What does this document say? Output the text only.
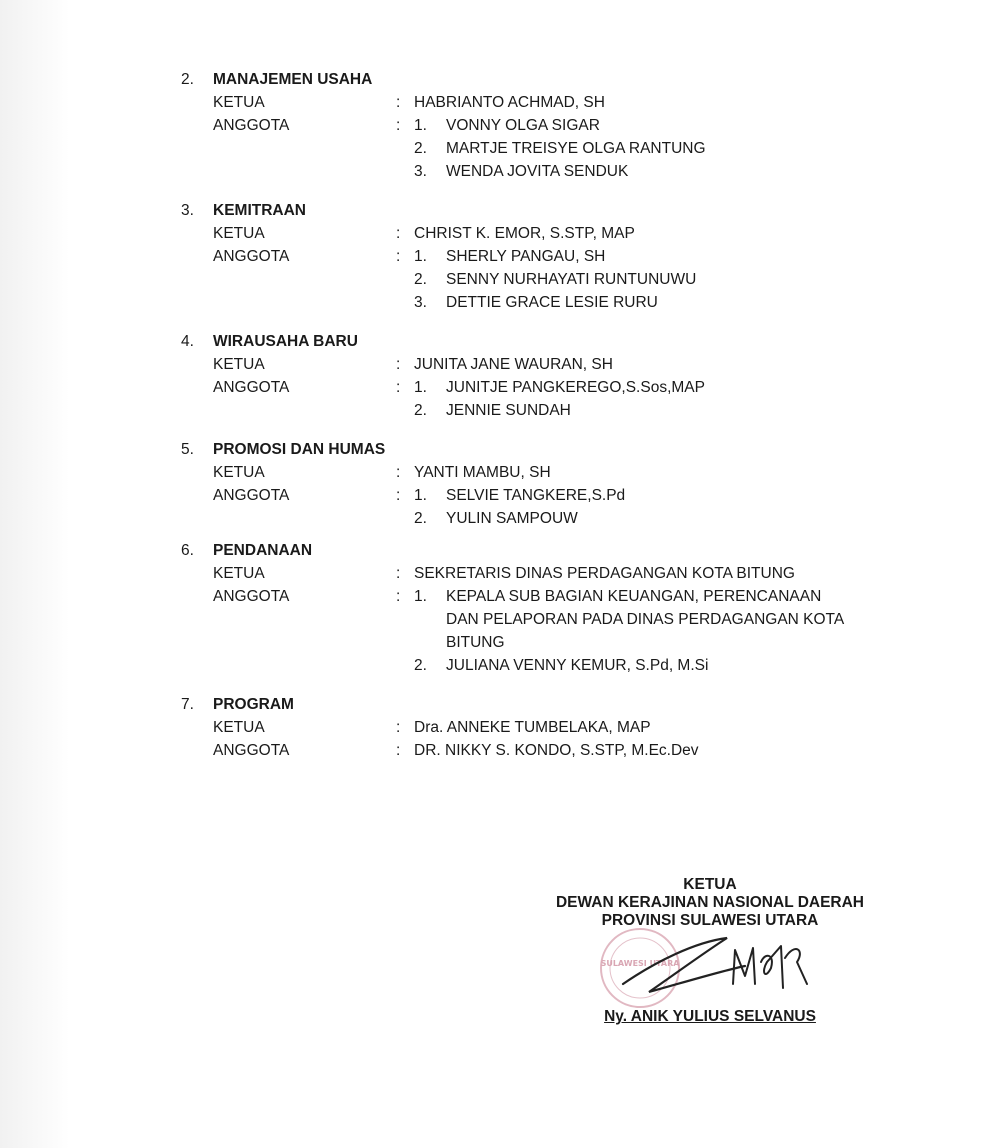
2.	MANAJEMEN USAHA
KETUA	: HABRIANTO ACHMAD, SH
ANGGOTA	: 1.	VONNY OLGA SIGAR
2.	MARTJE TREISYE OLGA RANTUNG
3.	WENDA JOVITA SENDUK
3.	KEMITRAAN
KETUA	: CHRIST K. EMOR, S.STP, MAP
ANGGOTA	: 1.	SHERLY PANGAU, SH
2.	SENNY NURHAYATI RUNTUNUWU
3.	DETTIE GRACE LESIE RURU
4.	WIRAUSAHA BARU
KETUA	: JUNITA JANE WAURAN, SH
ANGGOTA	: 1.	JUNITJE PANGKEREGO,S.Sos,MAP
2.	JENNIE SUNDAH
5.	PROMOSI DAN HUMAS
KETUA	: YANTI MAMBU, SH
ANGGOTA	: 1.	SELVIE TANGKERE,S.Pd
2.	YULIN SAMPOUW
6.	PENDANAAN
KETUA	: SEKRETARIS DINAS PERDAGANGAN KOTA BITUNG
ANGGOTA	: 1.	KEPALA SUB BAGIAN KEUANGAN, PERENCANAAN DAN PELAPORAN PADA DINAS PERDAGANGAN KOTA BITUNG
2.	JULIANA VENNY KEMUR, S.Pd, M.Si
7.	PROGRAM
KETUA	: Dra. ANNEKE TUMBELAKA, MAP
ANGGOTA	: DR. NIKKY S. KONDO, S.STP, M.Ec.Dev
KETUA
DEWAN KERAJINAN NASIONAL DAERAH
PROVINSI SULAWESI UTARA
SULAWESI UTARA
Ny. ANIK YULIUS SELVANUS
